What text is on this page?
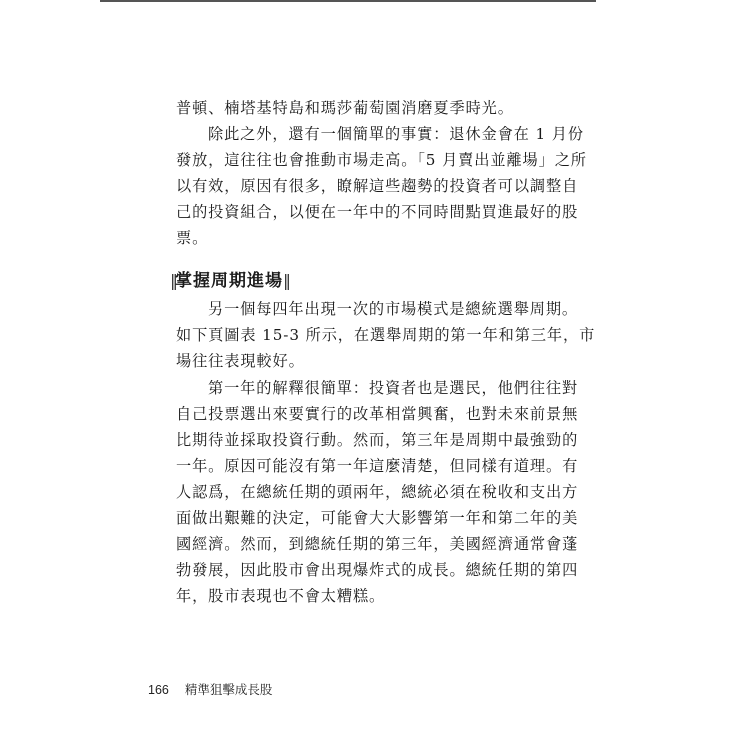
普頓、楠塔基特島和瑪莎葡萄園消磨夏季時光。
除此之外，還有一個簡單的事實：退休金會在 1 月份
發放，這往往也會推動市場走高。「5 月賣出並離場」之所
以有效，原因有很多，瞭解這些趨勢的投資者可以調整自
己的投資組合，以便在一年中的不同時間點買進最好的股
票。
‖掌握周期進場‖
另一個每四年出現一次的市場模式是總統選舉周期。
如下頁圖表 15-3 所示，在選舉周期的第一年和第三年，市
場往往表現較好。
第一年的解釋很簡單：投資者也是選民，他們往往對
自己投票選出來要實行的改革相當興奮，也對未來前景無
比期待並採取投資行動。然而，第三年是周期中最強勁的
一年。原因可能沒有第一年這麼清楚，但同樣有道理。有
人認爲，在總統任期的頭兩年，總統必須在稅收和支出方
面做出艱難的決定，可能會大大影響第一年和第二年的美
國經濟。然而，到總統任期的第三年，美國經濟通常會蓬
勃發展，因此股市會出現爆炸式的成長。總統任期的第四
年，股市表現也不會太糟糕。
166 精準狙擊成長股
